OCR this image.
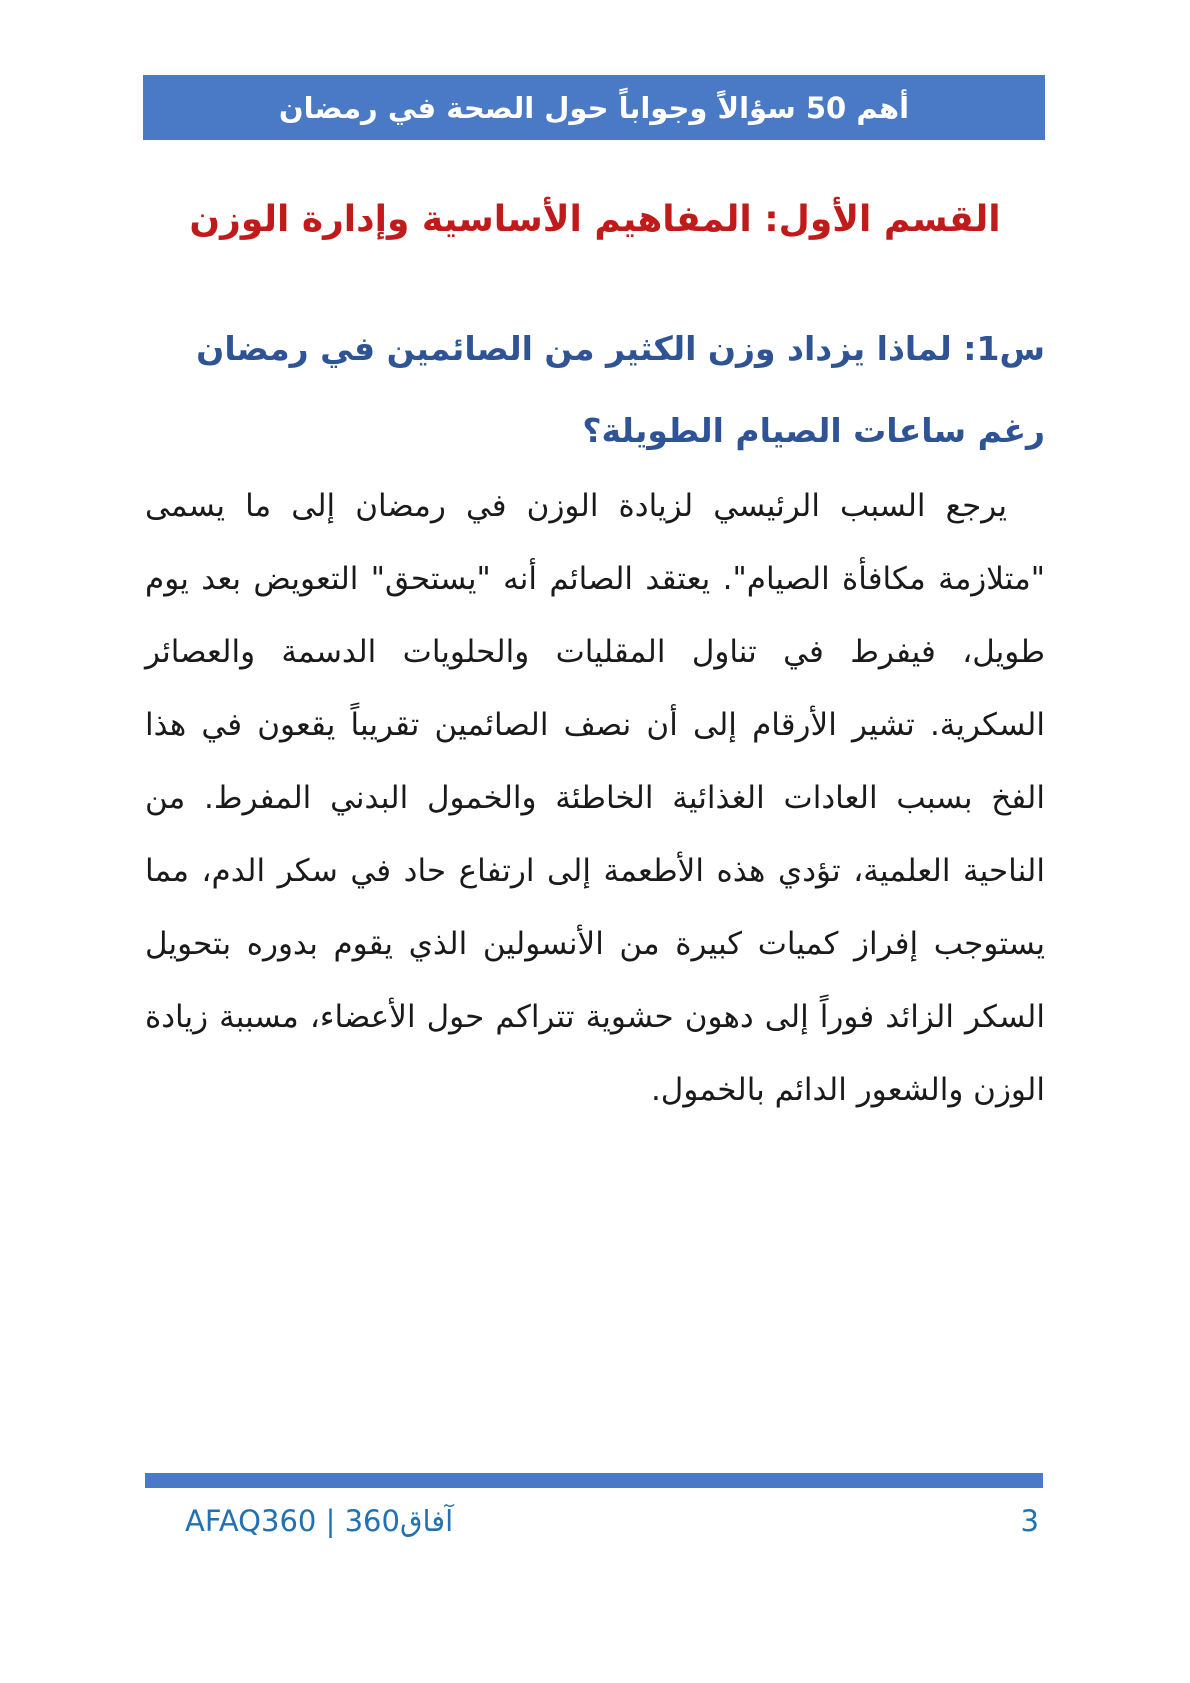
أهم 50 سؤالاً وجواباً حول الصحة في رمضان
القسم الأول: المفاهيم الأساسية وإدارة الوزن
س1: لماذا يزداد وزن الكثير من الصائمين في رمضان رغم ساعات الصيام الطويلة؟

يرجع السبب الرئيسي لزيادة الوزن في رمضان إلى ما يسمى "متلازمة مكافأة الصيام". يعتقد الصائم أنه "يستحق" التعويض بعد يوم طويل، فيفرط في تناول المقليات والحلويات الدسمة والعصائر السكرية. تشير الأرقام إلى أن نصف الصائمين تقريباً يقعون في هذا الفخ بسبب العادات الغذائية الخاطئة والخمول البدني المفرط. من الناحية العلمية، تؤدي هذه الأطعمة إلى ارتفاع حاد في سكر الدم، مما يستوجب إفراز كميات كبيرة من الأنسولين الذي يقوم بدوره بتحويل السكر الزائد فوراً إلى دهون حشوية تتراكم حول الأعضاء، مسببة زيادة الوزن والشعور الدائم بالخمول.

آفاق360 | AFAQ360	3
